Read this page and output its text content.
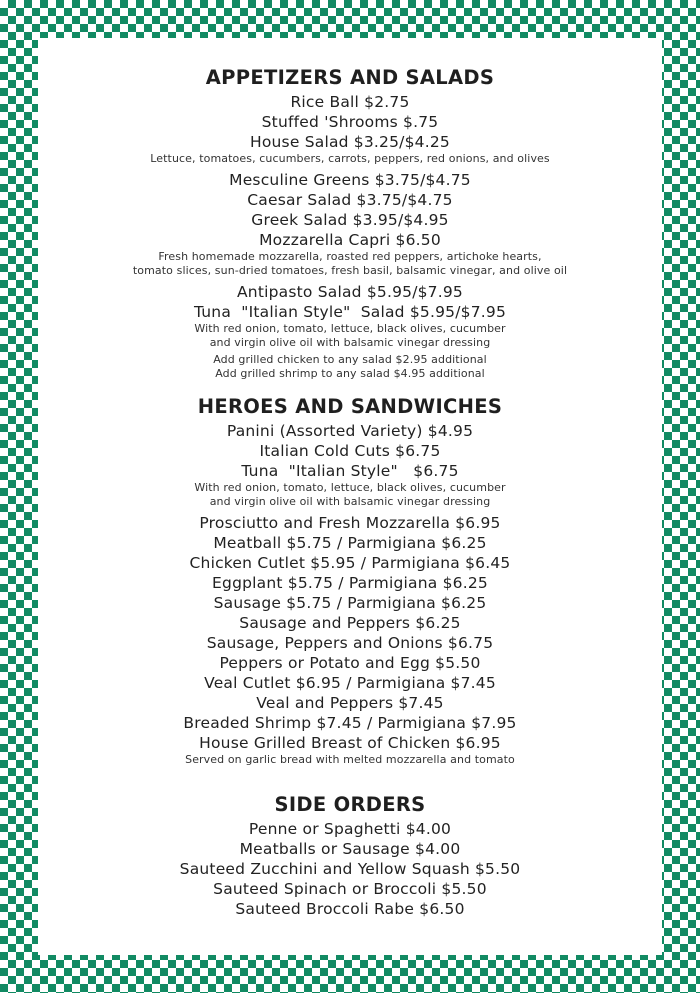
APPETIZERS AND SALADS
Rice Ball $2.75
Stuffed 'Shrooms $.75
House Salad $3.25/$4.25
Lettuce, tomatoes, cucumbers, carrots, peppers, red onions, and olives
Mesculine Greens $3.75/$4.75
Caesar Salad $3.75/$4.75
Greek Salad $3.95/$4.95
Mozzarella Capri $6.50
Fresh homemade mozzarella, roasted red peppers, artichoke hearts,
tomato slices, sun-dried tomatoes, fresh basil, balsamic vinegar, and olive oil
Antipasto Salad $5.95/$7.95
Tuna  "Italian Style"  Salad $5.95/$7.95
With red onion, tomato, lettuce, black olives, cucumber
and virgin olive oil with balsamic vinegar dressing
Add grilled chicken to any salad $2.95 additional
Add grilled shrimp to any salad $4.95 additional
HEROES AND SANDWICHES
Panini (Assorted Variety) $4.95
Italian Cold Cuts $6.75
Tuna  "Italian Style"   $6.75
With red onion, tomato, lettuce, black olives, cucumber
and virgin olive oil with balsamic vinegar dressing
Prosciutto and Fresh Mozzarella $6.95
Meatball $5.75 / Parmigiana $6.25
Chicken Cutlet $5.95 / Parmigiana $6.45
Eggplant $5.75 / Parmigiana $6.25
Sausage $5.75 / Parmigiana $6.25
Sausage and Peppers $6.25
Sausage, Peppers and Onions $6.75
Peppers or Potato and Egg $5.50
Veal Cutlet $6.95 / Parmigiana $7.45
Veal and Peppers $7.45
Breaded Shrimp $7.45 / Parmigiana $7.95
House Grilled Breast of Chicken $6.95
Served on garlic bread with melted mozzarella and tomato
SIDE ORDERS
Penne or Spaghetti $4.00
Meatballs or Sausage $4.00
Sauteed Zucchini and Yellow Squash $5.50
Sauteed Spinach or Broccoli $5.50
Sauteed Broccoli Rabe $6.50
